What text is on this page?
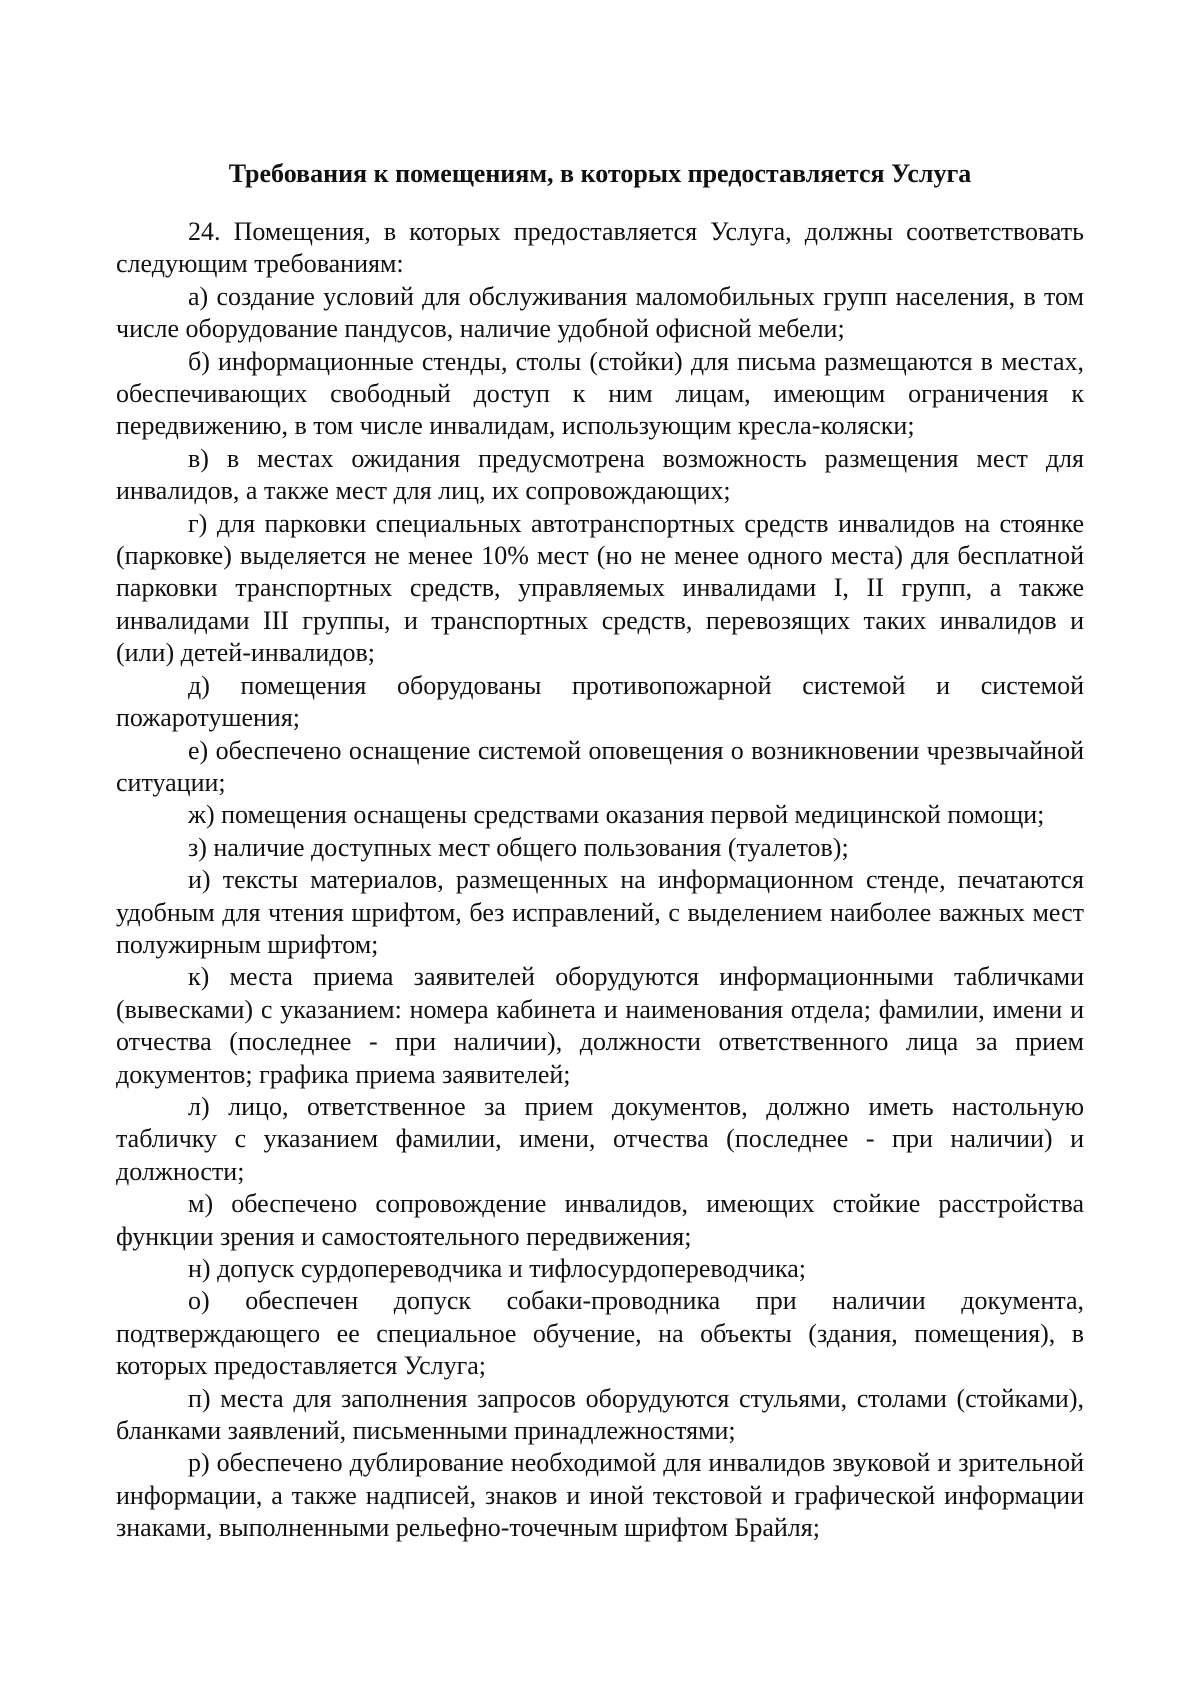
Требования к помещениям, в которых предоставляется Услуга

24. Помещения, в которых предоставляется Услуга, должны соответствовать следующим требованиям:

а) создание условий для обслуживания маломобильных групп населения, в том числе оборудование пандусов, наличие удобной офисной мебели;

б) информационные стенды, столы (стойки) для письма размещаются в местах, обеспечивающих свободный доступ к ним лицам, имеющим ограничения к передвижению, в том числе инвалидам, использующим кресла-коляски;

в) в местах ожидания предусмотрена возможность размещения мест для инвалидов, а также мест для лиц, их сопровождающих;

г) для парковки специальных автотранспортных средств инвалидов на стоянке (парковке) выделяется не менее 10% мест (но не менее одного места) для бесплатной парковки транспортных средств, управляемых инвалидами I, II групп, а также инвалидами III группы, и транспортных средств, перевозящих таких инвалидов и (или) детей-инвалидов;

д) помещения оборудованы противопожарной системой и системой пожаротушения;

е) обеспечено оснащение системой оповещения о возникновении чрезвычайной ситуации;

ж) помещения оснащены средствами оказания первой медицинской помощи;

з) наличие доступных мест общего пользования (туалетов);

и) тексты материалов, размещенных на информационном стенде, печатаются удобным для чтения шрифтом, без исправлений, с выделением наиболее важных мест полужирным шрифтом;

к) места приема заявителей оборудуются информационными табличками (вывесками) с указанием: номера кабинета и наименования отдела; фамилии, имени и отчества (последнее - при наличии), должности ответственного лица за прием документов; графика приема заявителей;

л) лицо, ответственное за прием документов, должно иметь настольную табличку с указанием фамилии, имени, отчества (последнее - при наличии) и должности;

м) обеспечено сопровождение инвалидов, имеющих стойкие расстройства функции зрения и самостоятельного передвижения;

н) допуск сурдопереводчика и тифлосурдопереводчика;

о) обеспечен допуск собаки-проводника при наличии документа, подтверждающего ее специальное обучение, на объекты (здания, помещения), в которых предоставляется Услуга;

п) места для заполнения запросов оборудуются стульями, столами (стойками), бланками заявлений, письменными принадлежностями;

р) обеспечено дублирование необходимой для инвалидов звуковой и зрительной информации, а также надписей, знаков и иной текстовой и графической информации знаками, выполненными рельефно-точечным шрифтом Брайля;
